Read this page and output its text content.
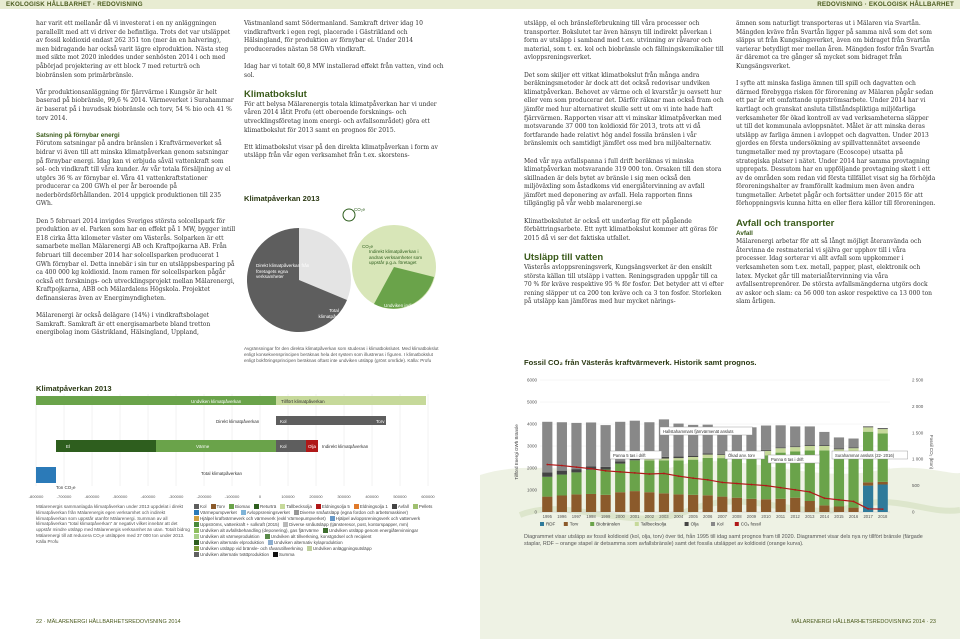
EKOLOGISK HÅLLBARHET · REDOVISNING	REDOVISNING · EKOLOGISK HÅLLBARHET

har varit ett mellanår då vi investerat i en ny anläggningen parallellt med att vi driver de befintliga. Trots det var utsläppet av fossil koldioxid endast 262 351 ton (mer än en halvering), men bidragande har också varit lägre elproduktion. Nästa steg med sikte mot 2020 inleddes under senhösten 2014 i och med påbörjad projektering av ett block 7 med returträ och biobränslen som primärbränsle.

Vår produktionsanläggning för fjärrvärme i Kungsör är helt baserad på biobränsle, 99,6 % 2014. Värmeverket i Surahammar är baserat på i huvudsak biobränsle och torv, 54 % bio och 41 % torv 2014.

Satsning på förnybar energi

Förutom satsningar på andra bränslen i Kraftvärmeverket så bidrar vi även till att minska klimatpåverkan genom satsningar på förnybar energi. Idag kan vi erbjuda såväl vattenkraft som sol- och vindkraft till våra kunder. Av vår totala försäljning av el utgörs 36 % av förnybar el. Våra 41 vattenkraftstationer producerar ca 200 GWh el per år beroende på nederbördsförhållanden. 2014 uppgick produktionen till 235 GWh.

Den 5 februari 2014 invigdes Sveriges största solcellspark för produktion av el. Parken som har en effekt på 1 MW, bygger intill E18 cirka åtta kilometer väster om Västerås. Solparken är ett samarbete mellan Mälarenergi AB och Kraftpojkarna AB. Från februari till december 2014 har solcellsparken producerat 1 GWh förnybar el. Detta innebär i sin tur en utsläppsbesparing på ca 400 000 kg koldioxid. Inom ramen för solcellsparken pågår också ett forsknings- och utvecklingsprojekt mellan Mälarenergi, Kraftpojkarna, ABB och Mälardalens Högskola. Projektet definansieras även av Energimyndigheten.

Mälarenergi är också delägare (14%) i vindkraftsbolaget Samkraft. Samkraft är ett energisamarbete bland tretton energibolag inom Gästrikland, Hälsingland, Uppland,

Västmanland samt Södermanland. Samkraft driver idag 10 vindkraftverk i egen regi, placerade i Gästrikland och Hälsingland, för produktion av förnybar el. Under 2014 producerades nästan 58 GWh vindkraft.

Idag har vi totalt 60,8 MW installerad effekt från vatten, vind och sol.

Klimatbokslut

För att belysa Mälarenergis totala klimatpåverkan har vi under våren 2014 låtit Profu (ett oberoende forsknings- och utvecklingsföretag inom energi- och avfallsområdet) göra ett klimatbokslut för 2013 samt en prognos för 2015.

Ett klimatbokslut visar på den direkta klimatpåverkan i form av utsläpp från vår egen verksamhet från t.ex. skorstens-

Klimatpåverkan 2013
CO₂e
CO₂e
Direkt klimatpåverkan från företagets egna verksamheter
Indirekt klimatpåverkan i andras verksamheter som uppstår p.g.a. företaget
Total klimatpåverkan
Undviken indirekt klimatpåverkan
Avgränsningar för den direkta klimatpåverkan som studeras i klimatbokslutet. Med klimatbokslut enligt konsekvensprincipen beräknas hela det system som illustreras i figuren. I klimatbokslut enligt bokföringsprincipen beräknas oftast inte undviken utsläpp (grönt område). Källa: Profu
Klimatpåverkan 2013
-800000	-700000	-600000	-500000	-400000	-300000	-200000	-100000	0	100000	200000	300000	400000	500000	600000
Undviken klimatpåverkan	Tillfört klimatpåverkan
Direkt klimatpåverkan	Kol	Torv
El	Värme	Kol	Olja Indirekt klimatpåverkan
Total klimatpåverkan
Ton CO₂e
Mälarenergis sammanlagda klimatpåverkan under 2013 uppdelat i direkt klimatpåverkan från Mälarenergis egen verksamhet och indirekt klimatpåverkan som uppstår utanför Mälarenergi. Summan av all klimatpåverkan "total klimatpåverkan" är negativt vilket innebär att det uppstår mindre utsläpp med Mälarenergis verksamhet än utan. Totalt bidrog Mälarenergi till att reducera CO₂e utsläppen med 37 000 ton under 2013. Källa Profu
Kol Torv Biomax Returträ Tallbecksolja Eldningsolja 5 Eldningsolja 1 Avfall PelletsVärmepumpverket Avloppsreningsverket Diverse småutsläpp (egna fordon och arbetsmaskiner)Hjälpel kraftvärmeverk och värmeverk (exkl Värmepumpverket) Hjälpel avloppsreningsverk och vattenverkUppströms, vattenkraft + solkraft (2015) Diverse småutsläpp (tjänsteresor, post, kontorspapper, mm)Undviken alt avfallsbehandling (deponering), gas fjärrvärme Undviken utsläpp genom energiåtervinningarUndviken alt värmeproduktion Undviken alt tillverkning, konstgödsel och recipientUndviken alternativ elproduktion Undviken alternativ kylaproduktionUndviken utsläpp vid bränsle- och råvarutillverkning Undviken anläggningsutsläppUndviken alternativ tvättproduktion Summa

utsläpp, el och bränsleförbrukning till våra processer och transporter. Bokslutet tar även hänsyn till indirekt påverkan i form av utsläpp i samband med t.ex. utvinning av råvaror och material, som t. ex. kol och biobränsle och fällningskemikalier till avloppsreningsverket.

Det som skiljer ett vitkat klimatbokslut från många andra beräkningsmetoder är dock att det också redovisar undviken klimatpåverkan. Behovet av värme och el kvarstår ju oavsett hur eller vem som producerar det. Därför räknar man också fram och jämför med hur alternativet skulle sett ut om vi inte hade haft fjärrvärmen. Rapporten visar att vi minskar klimatpåverkan med motsvarande 37 000 ton koldioxid för 2013, trots att vi då fortfarande hade relativt hög andel fossila bränslen i vår bränslemix och samtidigt jämfört oss med bra miljöalternativ.

Med vår nya avfallspanna i full drift beräknas vi minska klimatpåverkan motsvarande 319 000 ton. Orsaken till den stora skillnaden är dels bytet av bränsle i sig men också den miljöväxling som åstadkoms vid energiåtervinning av avfall jämfört med deponering av avfall. Hela rapporten finns tillgänglig på vår webb malarenergi.se

Klimatbokslutet är också ett underlag för ett pågående förbättringsarbete. Ett nytt klimatbokslut kommer att göras för 2015 då vi ser det faktiska utfallet.

Utsläpp till vatten

Västerås avloppsreningsverk, Kungsängsverket är den enskilt största källan till utsläpp i vatten. Reningsgraden uppgår till ca 70 % för kväve respektive 95 % för fosfor. Det betyder att vi efter rening släpper ut ca 200 ton kväve och ca 3 ton fosfor. Storleken på utsläpp kan jämföras med hur mycket närings-

ämnen som naturligt transporteras ut i Mälaren via Svartån. Mängden kväve från Svartån ligger på samma nivå som det som släpps ut från Kungsängsverket, även om bidraget från Svartån varierar betydligt mer mellan åren. Mängden fosfor från Svartån är däremot ca tre gånger så mycket som bidraget från Kungsängsverket.

I syfte att minska fasliga ämnen till spill och dagvatten och därmed förebygga risken för förorening av Mälaren pågår sedan ett par år ett omfattande uppströmsarbete. Under 2014 har vi kartlagt och granskat ansluta tillståndspliktiga miljöfarliga verksamheter för ökad kontroll av vad verksamheterna släpper ut till det kommunala avloppsnätet. Målet är att minska deras utsläpp av farliga ämnen i avloppet och dagvatten. Under 2013 gjordes en första undersökning av spillvattennätet avseende tungmetaller med ny provtagare (Ecoscope) utsatta på strategiska platser i nätet. Under 2014 har samma provtagning upprepats. Dessutom har en uppföljande provtagning skett i ett av de områden som redan vid första tillfället visat sig ha förhöjda föroreningshalter av framförallt kadmium men även andra tungmetaller. Arbetet pågår och fortsätter under 2015 för att förhoppningsvis kunna hitta en eller flera källor till föroreningen.

Avfall och transporter
Avfall

Mälarenergi arbetar för att så långt möjligt återanvända och återvinna de restmaterial vi själva ger upphov till i våra processer. Idag sorterar vi allt avfall som uppkommer i verksamheten som t.ex. metall, papper, plast, elektronik och latex. Mycket går till materialåtervinning via våra avfallsentreprenörer. De största avfallsmängderna utgörs dock av askor och slam: ca 56 000 ton askor respektive ca 13 000 ton slam årligen.

Fossil CO₂ från Västerås kraftvärmeverk. Historik samt prognos.
6000
5000
4000
3000
2000
1000
0
2 500
2 000
1 500
1 000
500
0
Tillförd Energi GWh Bränsle	Fossil CO₂ (kton)
1995 1996 1997 1998 1999 2000 2001 2002 2003 2004 2005 2006 2007 2008 2009 2010 2011 2012 2013 2014 2015 2016 2017 2018
Hallstahammars fjärrvärmenät ansluts
Panna 5 tas i drift	Ökad anv. torv
Panna 6 tas i drift
Surahammar ansluts (22- 2016)
RDF	Torv	Biobränslen	Tallbecksolja	Olja	Kol	CO₂ fossil
Diagrammet visar utsläpp av fossil koldioxid (kol, olja, torv) över tid, från 1995 till idag samt prognos fram till 2020. Diagrammet visar dels nya ny tillfört bränsle (färgade staplar, RDF – orange stapel är detsamma som avfallsbränsle) samt det fossila utsläppet av koldioxid (orange kurva).
22 · MÄLARENERGI HÅLLBARHETSREDOVISNING 2014	MÄLARENERGI HÅLLBARHETSREDOVISNING 2014 · 23
